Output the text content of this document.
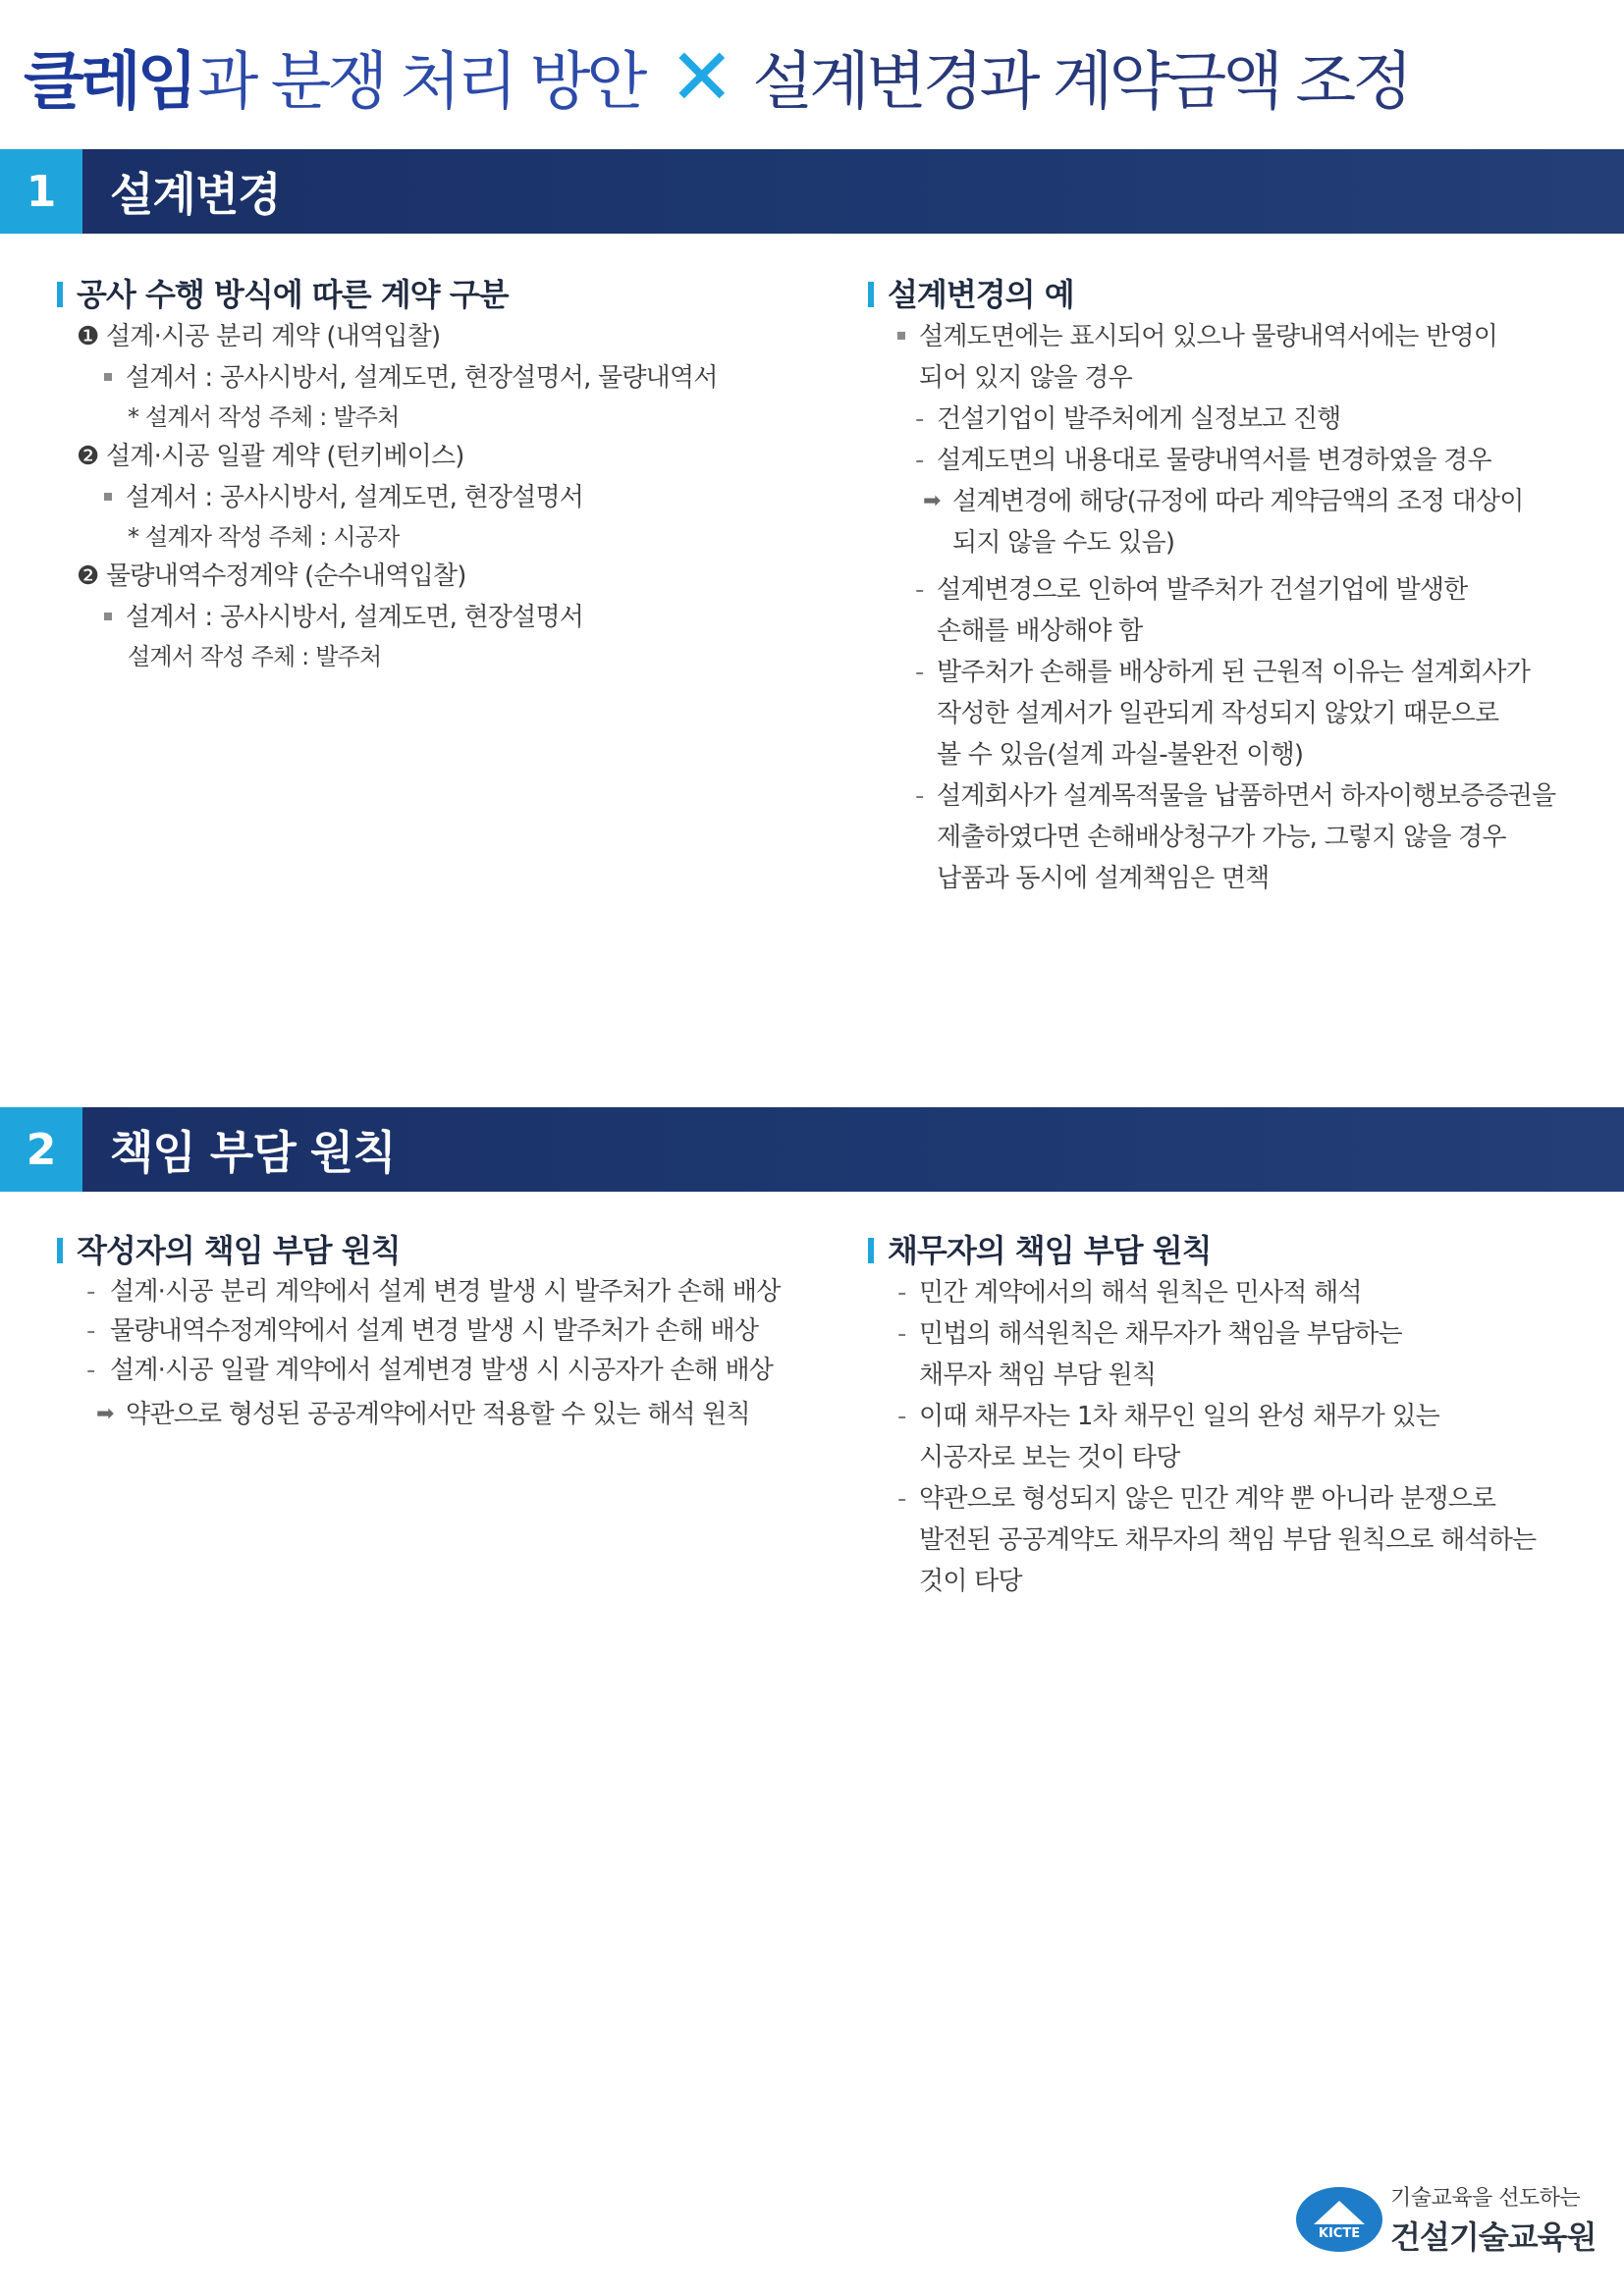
클레임 과 분쟁 처리 방안 ✕ 설계변경과 계약금액 조정
1	설계변경
공사 수행 방식에 따른 계약 구분
❶ 설계·시공 분리 계약 (내역입찰)
설계서 : 공사시방서, 설계도면, 현장설명서, 물량내역서
* 설계서 작성 주체 : 발주처
❷ 설계·시공 일괄 계약 (턴키베이스)
설계서 : 공사시방서, 설계도면, 현장설명서
* 설계자 작성 주체 : 시공자
❷ 물량내역수정계약 (순수내역입찰)
설계서 : 공사시방서, 설계도면, 현장설명서
설계서 작성 주체 : 발주처
설계변경의 예
설계도면에는 표시되어 있으나 물량내역서에는 반영이
되어 있지 않을 경우
- 건설기업이 발주처에게 실정보고 진행
- 설계도면의 내용대로 물량내역서를 변경하였을 경우
➡ 설계변경에 해당(규정에 따라 계약금액의 조정 대상이
되지 않을 수도 있음)
- 설계변경으로 인하여 발주처가 건설기업에 발생한
손해를 배상해야 함
- 발주처가 손해를 배상하게 된 근원적 이유는 설계회사가
작성한 설계서가 일관되게 작성되지 않았기 때문으로
볼 수 있음(설계 과실-불완전 이행)
- 설계회사가 설계목적물을 납품하면서 하자이행보증증권을
제출하였다면 손해배상청구가 가능, 그렇지 않을 경우
납품과 동시에 설계책임은 면책
2	책임 부담 원칙
작성자의 책임 부담 원칙
- 설계·시공 분리 계약에서 설계 변경 발생 시 발주처가 손해 배상
- 물량내역수정계약에서 설계 변경 발생 시 발주처가 손해 배상
- 설계·시공 일괄 계약에서 설계변경 발생 시 시공자가 손해 배상
➡ 약관으로 형성된 공공계약에서만 적용할 수 있는 해석 원칙
채무자의 책임 부담 원칙
- 민간 계약에서의 해석 원칙은 민사적 해석
- 민법의 해석원칙은 채무자가 책임을 부담하는
채무자 책임 부담 원칙
- 이때 채무자는 1차 채무인 일의 완성 채무가 있는
시공자로 보는 것이 타당
- 약관으로 형성되지 않은 민간 계약 뿐 아니라 분쟁으로
발전된 공공계약도 채무자의 책임 부담 원칙으로 해석하는
것이 타당
KICTE
기술교육을 선도하는
건설기술교육원
